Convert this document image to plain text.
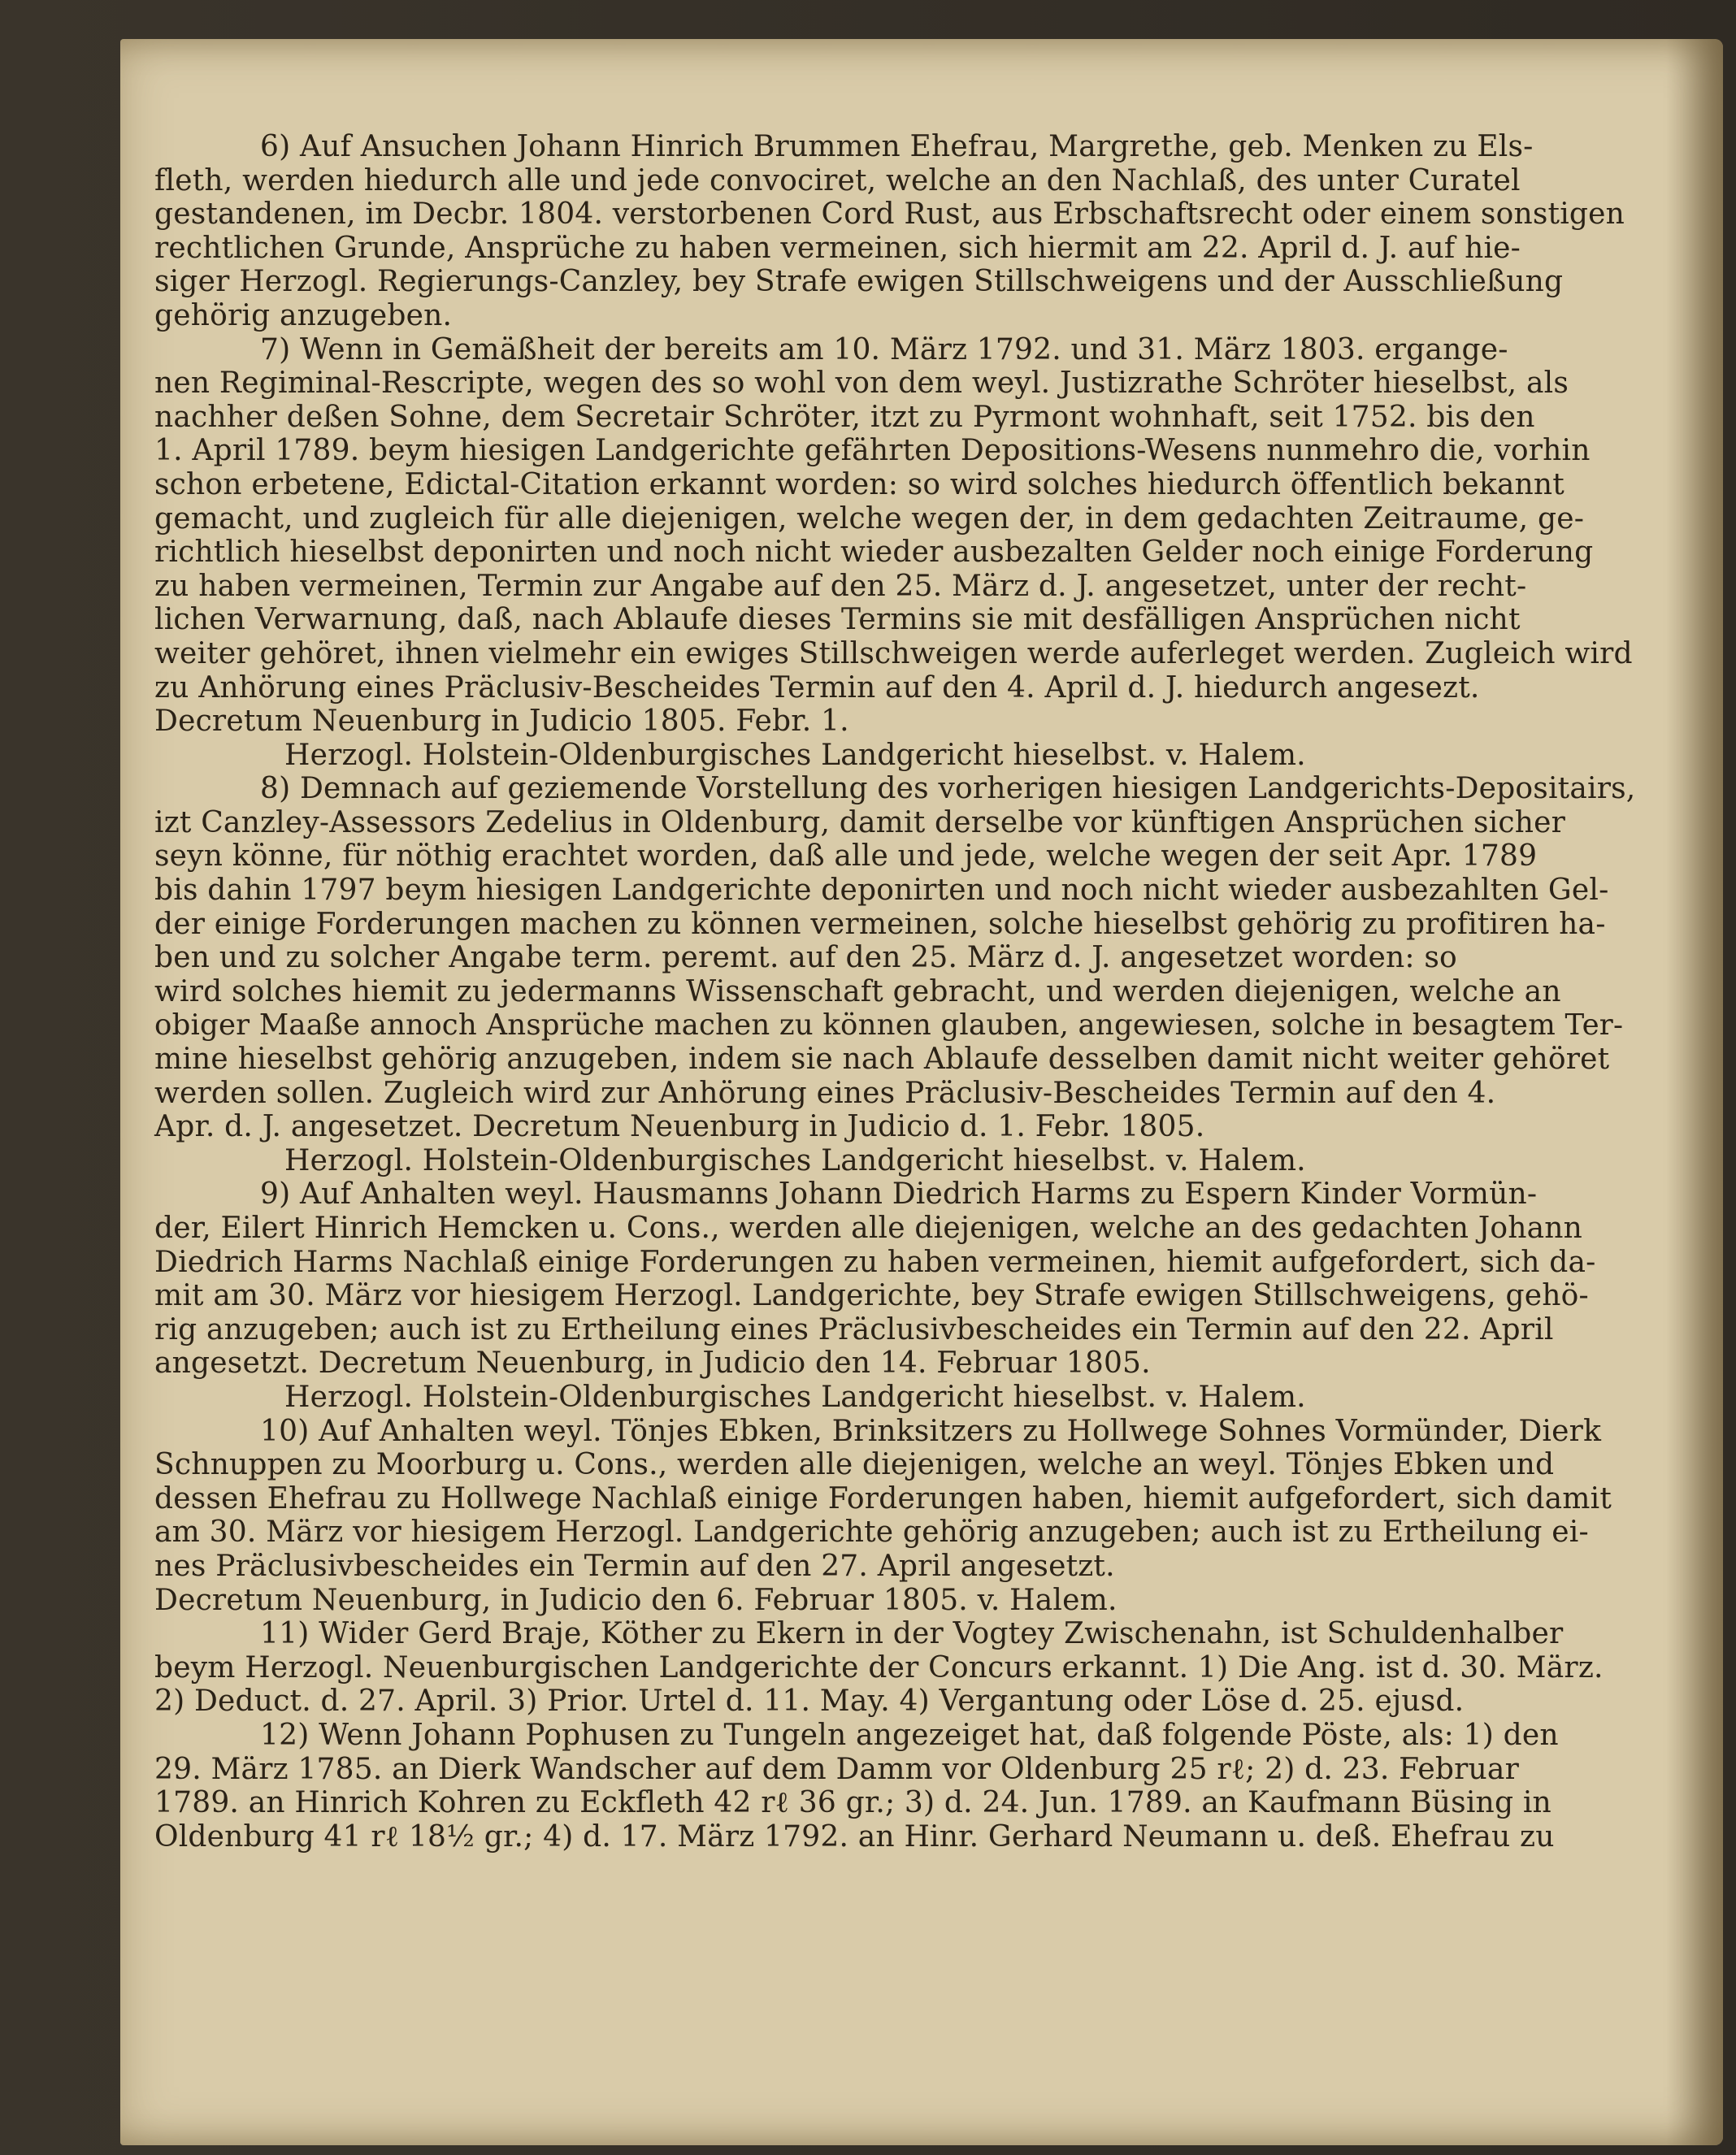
6) Auf Ansuchen Johann Hinrich Brummen Ehefrau, Margrethe, geb. Menken zu Els-
fleth, werden hiedurch alle und jede convociret, welche an den Nachlaß, des unter Curatel
gestandenen, im Decbr. 1804. verstorbenen Cord Rust, aus Erbschaftsrecht oder einem sonstigen
rechtlichen Grunde, Ansprüche zu haben vermeinen, sich hiermit am 22. April d. J. auf hie-
siger Herzogl. Regierungs-Canzley, bey Strafe ewigen Stillschweigens und der Ausschließung
gehörig anzugeben.
7) Wenn in Gemäßheit der bereits am 10. März 1792. und 31. März 1803. ergange-
nen Regiminal-Rescripte, wegen des so wohl von dem weyl. Justizrathe Schröter hieselbst, als
nachher deßen Sohne, dem Secretair Schröter, itzt zu Pyrmont wohnhaft, seit 1752. bis den
1. April 1789. beym hiesigen Landgerichte gefährten Depositions-Wesens nunmehro die, vorhin
schon erbetene, Edictal-Citation erkannt worden: so wird solches hiedurch öffentlich bekannt
gemacht, und zugleich für alle diejenigen, welche wegen der, in dem gedachten Zeitraume, ge-
richtlich hieselbst deponirten und noch nicht wieder ausbezalten Gelder noch einige Forderung
zu haben vermeinen, Termin zur Angabe auf den 25. März d. J. angesetzet, unter der recht-
lichen Verwarnung, daß, nach Ablaufe dieses Termins sie mit desfälligen Ansprüchen nicht
weiter gehöret, ihnen vielmehr ein ewiges Stillschweigen werde auferleget werden. Zugleich wird
zu Anhörung eines Präclusiv-Bescheides Termin auf den 4. April d. J. hiedurch angesezt.
Decretum Neuenburg in Judicio 1805. Febr. 1.
Herzogl. Holstein-Oldenburgisches Landgericht hieselbst. v. Halem.
8) Demnach auf geziemende Vorstellung des vorherigen hiesigen Landgerichts-Depositairs,
izt Canzley-Assessors Zedelius in Oldenburg, damit derselbe vor künftigen Ansprüchen sicher
seyn könne, für nöthig erachtet worden, daß alle und jede, welche wegen der seit Apr. 1789
bis dahin 1797 beym hiesigen Landgerichte deponirten und noch nicht wieder ausbezahlten Gel-
der einige Forderungen machen zu können vermeinen, solche hieselbst gehörig zu profitiren ha-
ben und zu solcher Angabe term. peremt. auf den 25. März d. J. angesetzet worden: so
wird solches hiemit zu jedermanns Wissenschaft gebracht, und werden diejenigen, welche an
obiger Maaße annoch Ansprüche machen zu können glauben, angewiesen, solche in besagtem Ter-
mine hieselbst gehörig anzugeben, indem sie nach Ablaufe desselben damit nicht weiter gehöret
werden sollen. Zugleich wird zur Anhörung eines Präclusiv-Bescheides Termin auf den 4.
Apr. d. J. angesetzet. Decretum Neuenburg in Judicio d. 1. Febr. 1805.
Herzogl. Holstein-Oldenburgisches Landgericht hieselbst. v. Halem.
9) Auf Anhalten weyl. Hausmanns Johann Diedrich Harms zu Espern Kinder Vormün-
der, Eilert Hinrich Hemcken u. Cons., werden alle diejenigen, welche an des gedachten Johann
Diedrich Harms Nachlaß einige Forderungen zu haben vermeinen, hiemit aufgefordert, sich da-
mit am 30. März vor hiesigem Herzogl. Landgerichte, bey Strafe ewigen Stillschweigens, gehö-
rig anzugeben; auch ist zu Ertheilung eines Präclusivbescheides ein Termin auf den 22. April
angesetzt. Decretum Neuenburg, in Judicio den 14. Februar 1805.
Herzogl. Holstein-Oldenburgisches Landgericht hieselbst. v. Halem.
10) Auf Anhalten weyl. Tönjes Ebken, Brinksitzers zu Hollwege Sohnes Vormünder, Dierk
Schnuppen zu Moorburg u. Cons., werden alle diejenigen, welche an weyl. Tönjes Ebken und
dessen Ehefrau zu Hollwege Nachlaß einige Forderungen haben, hiemit aufgefordert, sich damit
am 30. März vor hiesigem Herzogl. Landgerichte gehörig anzugeben; auch ist zu Ertheilung ei-
nes Präclusivbescheides ein Termin auf den 27. April angesetzt.
Decretum Neuenburg, in Judicio den 6. Februar 1805. v. Halem.
11) Wider Gerd Braje, Köther zu Ekern in der Vogtey Zwischenahn, ist Schuldenhalber
beym Herzogl. Neuenburgischen Landgerichte der Concurs erkannt. 1) Die Ang. ist d. 30. März.
2) Deduct. d. 27. April. 3) Prior. Urtel d. 11. May. 4) Vergantung oder Löse d. 25. ejusd.
12) Wenn Johann Pophusen zu Tungeln angezeiget hat, daß folgende Pöste, als: 1) den
29. März 1785. an Dierk Wandscher auf dem Damm vor Oldenburg 25 rℓ; 2) d. 23. Februar
1789. an Hinrich Kohren zu Eckfleth 42 rℓ 36 gr.; 3) d. 24. Jun. 1789. an Kaufmann Büsing in
Oldenburg 41 rℓ 18½ gr.; 4) d. 17. März 1792. an Hinr. Gerhard Neumann u. deß. Ehefrau zu
